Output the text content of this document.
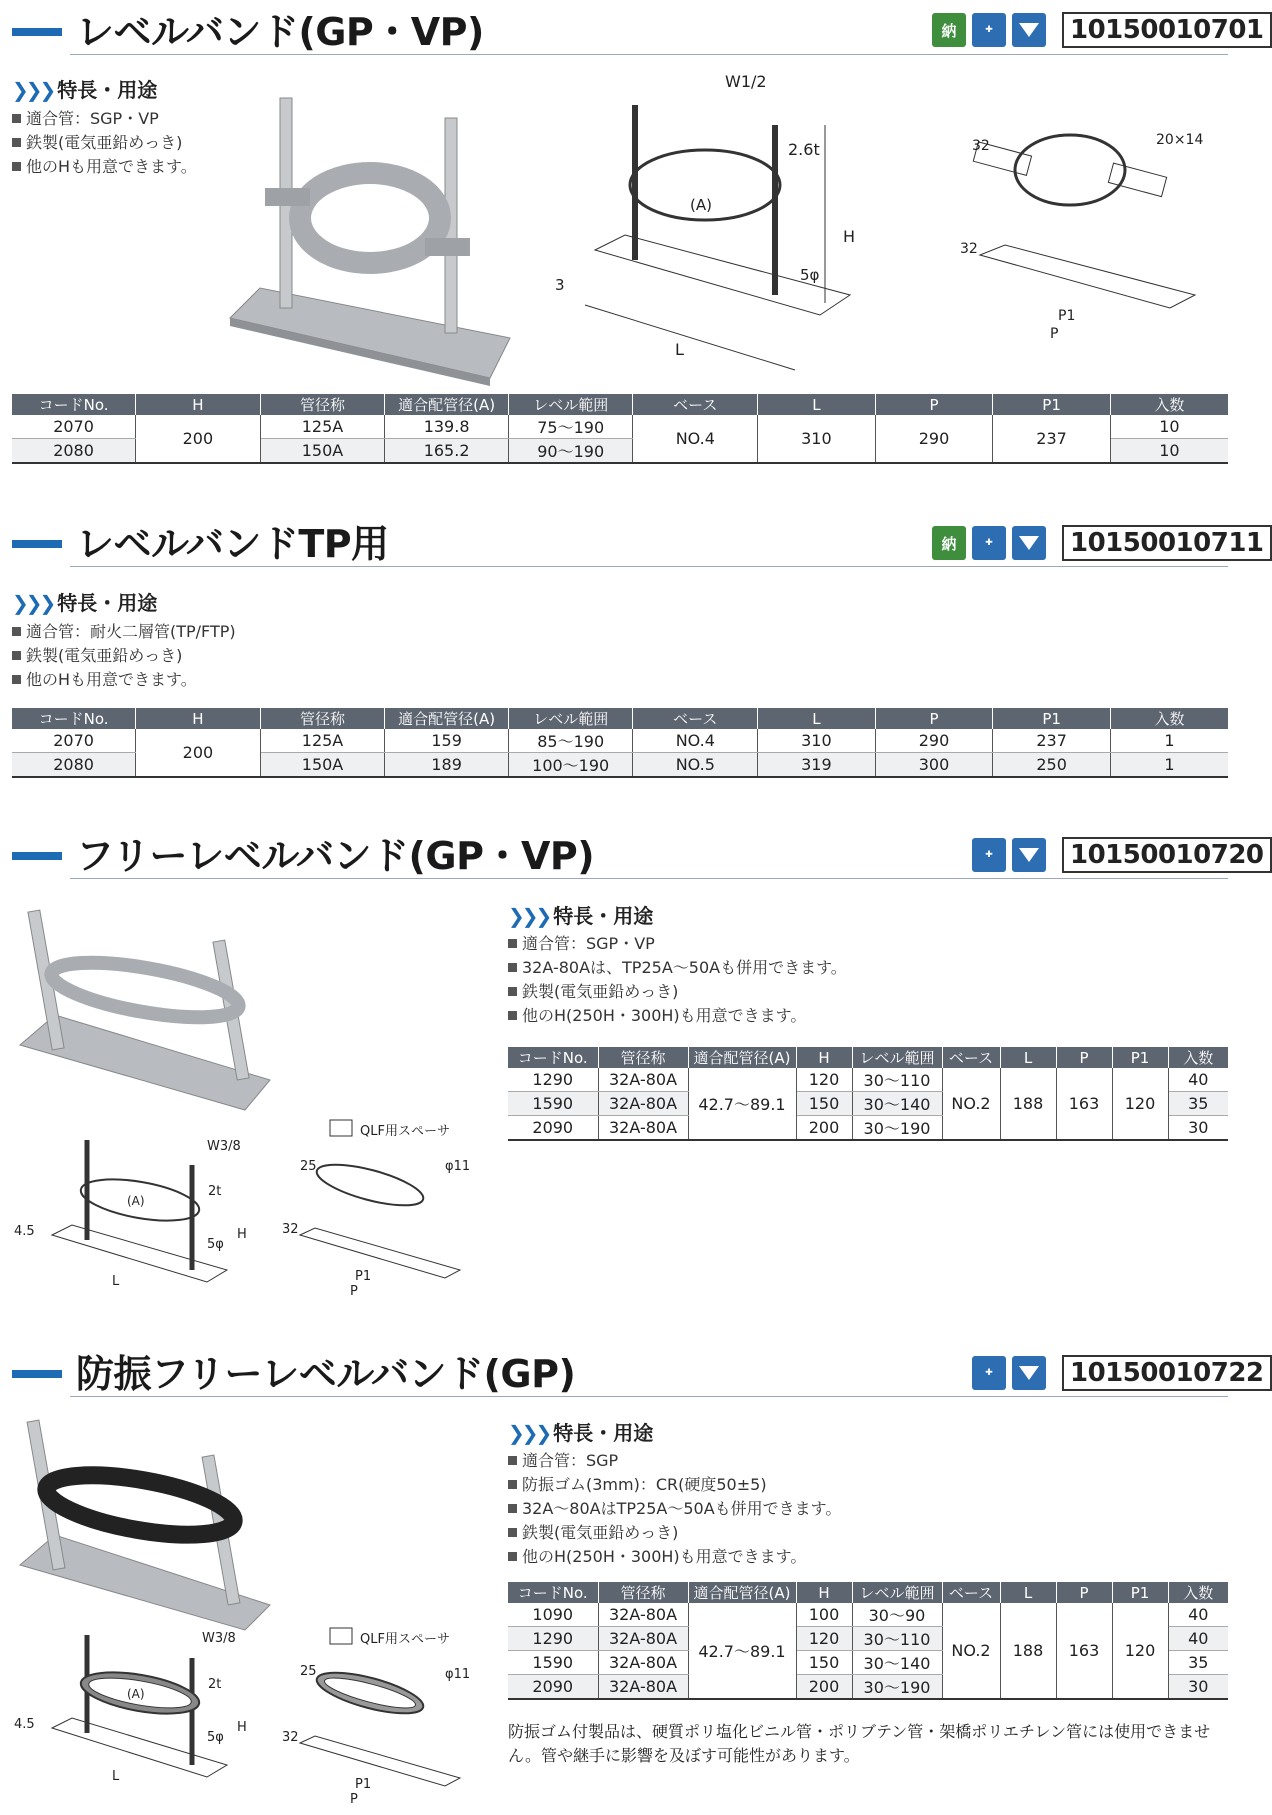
レベルバンド(GP・VP)	納	✚	10150010701
❯❯❯ 特長・用途
適合管：SGP・VP
鉄製(電気亜鉛めっき)
他のHも用意できます。
W1/2
2.6t
(A)
H
3
5φ
L
32	20×14
32
P1
P
コードNo.	H	管径称	適合配管径(A)	レベル範囲	ベース	L	P	P1	入数
2070	200	125A	139.8	75～190	NO.4	310	290	237	10
2080		150A	165.2	90～190					10
レベルバンドTP用	納	✚	10150010711
❯❯❯ 特長・用途
適合管：耐火二層管(TP/FTP)
鉄製(電気亜鉛めっき)
他のHも用意できます。
コードNo.	H	管径称	適合配管径(A)	レベル範囲	ベース	L	P	P1	入数
2070	200	125A	159	85～190	NO.4	310	290	237	1
2080		150A	189	100～190	NO.5	319	300	250	1
フリーレベルバンド(GP・VP)	✚	10150010720
W3/8
2t
(A)
H
4.5
5φ
L
QLF用スペーサ
25	φ11
32
P1
P
❯❯❯ 特長・用途
適合管：SGP・VP
32A-80Aは、TP25A～50Aも併用できます。
鉄製(電気亜鉛めっき)
他のH(250H・300H)も用意できます。
コードNo.	管径称	適合配管径(A)	H	レベル範囲	ベース	L	P	P1	入数
1290	32A-80A	42.7～89.1	120	30～110	NO.2	188	163	120	40
1590	32A-80A		150	30～140					35
2090	32A-80A		200	30～190					30
防振フリーレベルバンド(GP)	✚	10150010722
W3/8
2t
(A)
H
4.5
5φ
L
QLF用スペーサ
25	φ11
32
P1
P
❯❯❯ 特長・用途
適合管：SGP
防振ゴム(3mm)：CR(硬度50±5)
32A～80AはTP25A～50Aも併用できます。
鉄製(電気亜鉛めっき)
他のH(250H・300H)も用意できます。
コードNo.	管径称	適合配管径(A)	H	レベル範囲	ベース	L	P	P1	入数
1090	32A-80A	42.7～89.1	100	30～90	NO.2	188	163	120	40
1290	32A-80A		120	30～110					40
1590	32A-80A		150	30～140					35
2090	32A-80A		200	30～190					30
防振ゴム付製品は、硬質ポリ塩化ビニル管・ポリブテン管・架橋ポリエチレン管には使用できません。管や継手に影響を及ぼす可能性があります。
